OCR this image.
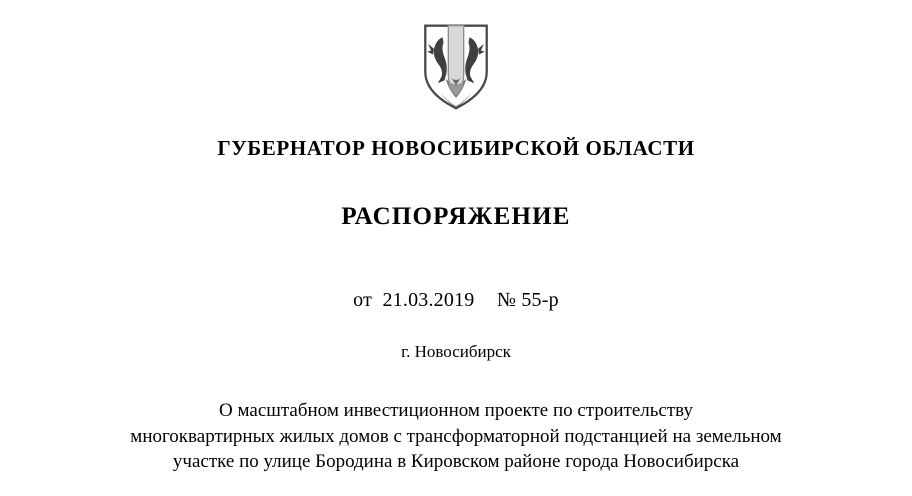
ГУБЕРНАТОР НОВОСИБИРСКОЙ ОБЛАСТИ
РАСПОРЯЖЕНИЕ
от 21.03.2019 № 55-р
г. Новосибирск
О масштабном инвестиционном проекте по строительству
многоквартирных жилых домов с трансформаторной подстанцией на земельном
участке по улице Бородина в Кировском районе города Новосибирска
